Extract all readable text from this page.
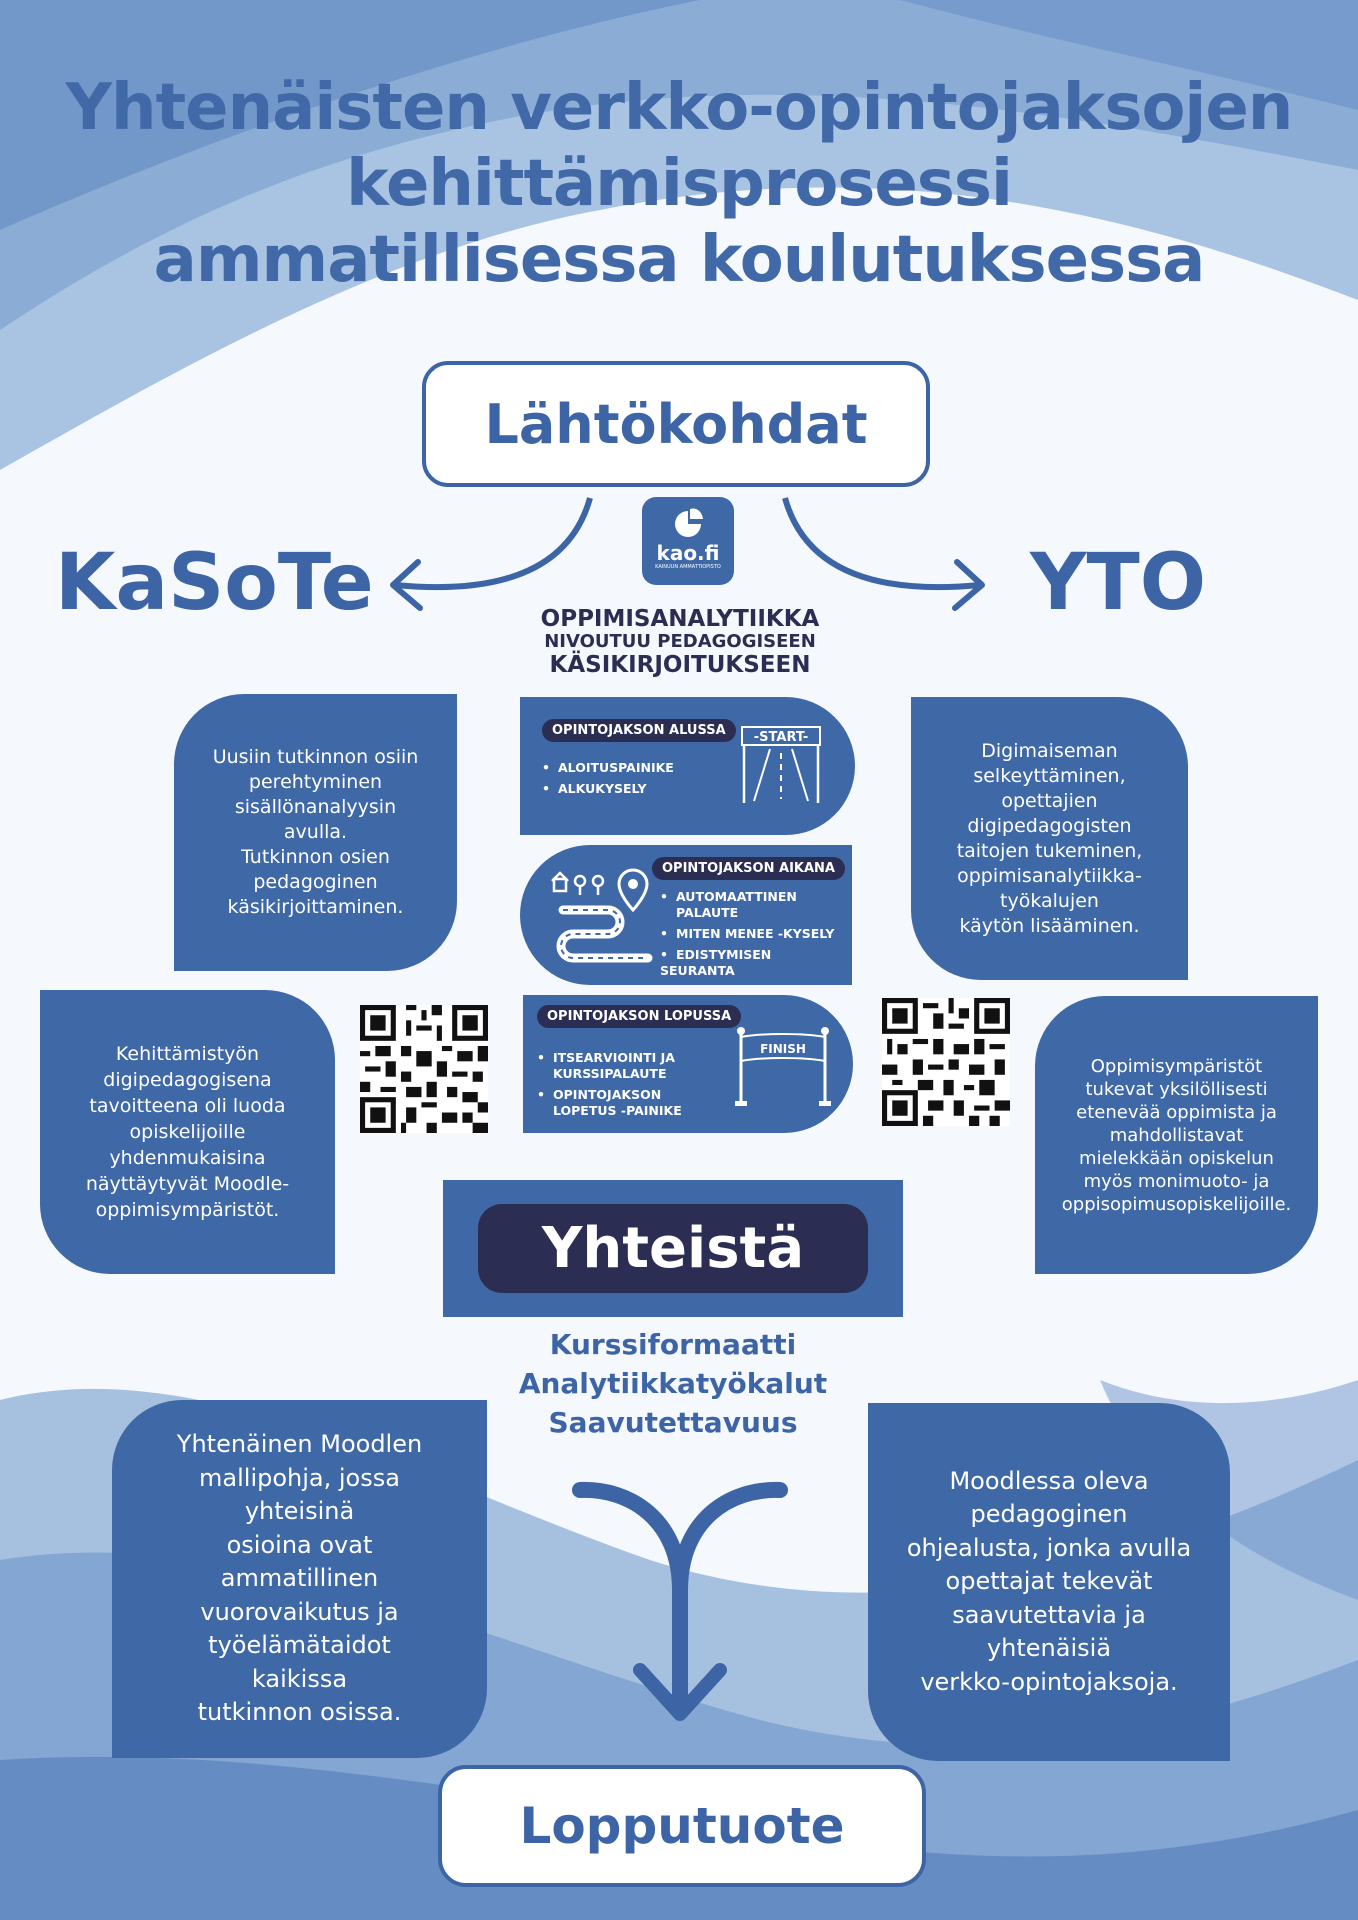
Yhtenäisten verkko-opintojaksojen
kehittämisprosessi
ammatillisessa koulutuksessa
Lähtökohdat
KaSoTe	YTO
kao.fi
KAINUUN AMMATTIOPISTO
OPPIMISANALYTIIKKA
NIVOUTUU PEDAGOGISEEN
KÄSIKIRJOITUKSEEN
OPINTOJAKSON ALUSSA
• ALOITUSPAINIKE
• ALKUKYSELY
-START-
OPINTOJAKSON AIKANA
• AUTOMAATTINEN PALAUTE
• MITEN MENEE -KYSELY
• EDISTYMISEN SEURANTA
OPINTOJAKSON LOPUSSA
• ITSEARVIOINTI JA KURSSIPALAUTE
• OPINTOJAKSON LOPETUS -PAINIKE
FINISH
Uusiin tutkinnon osiin
perehtyminen
sisällönanalyysin
avulla.
Tutkinnon osien
pedagoginen
käsikirjoittaminen.
Kehittämistyön
digipedagogisena
tavoitteena oli luoda
opiskelijoille
yhdenmukaisina
näyttäytyvät Moodle-
oppimisympäristöt.
Digimaiseman
selkeyttäminen,
opettajien
digipedagogisten
taitojen tukeminen,
oppimisanalytiikka-
työkalujen
käytön lisääminen.
Oppimisympäristöt
tukevat yksilöllisesti
etenevää oppimista ja
mahdollistavat
mielekkään opiskelun
myös monimuoto- ja
oppisopimusopiskelijoille.
Yhteistä
Kurssiformaatti
Analytiikkatyökalut
Saavutettavuus
Yhtenäinen Moodlen
mallipohja, jossa
yhteisinä
osioina ovat
ammatillinen
vuorovaikutus ja
työelämätaidot
kaikissa
tutkinnon osissa.
Moodlessa oleva
pedagoginen
ohjealusta, jonka avulla
opettajat tekevät
saavutettavia ja
yhtenäisiä
verkko-opintojaksoja.
Lopputuote
